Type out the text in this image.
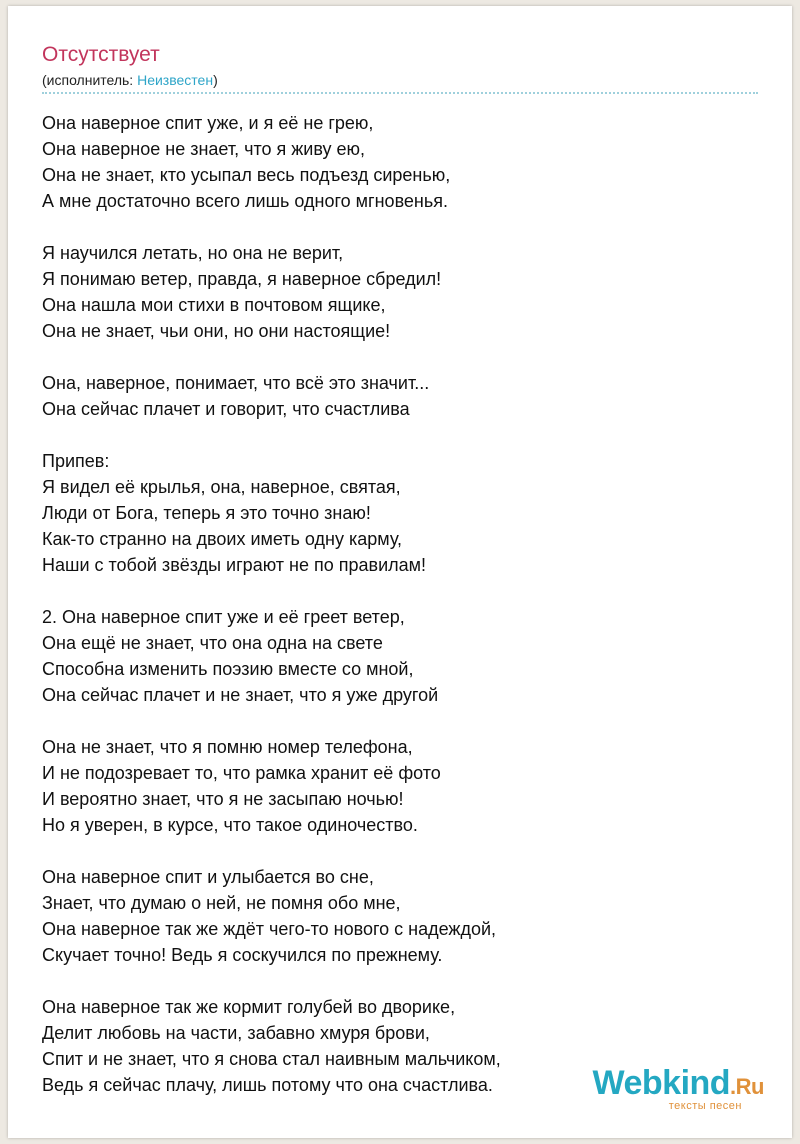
Отсутствует
(исполнитель: Неизвестен)
Она наверное спит уже, и я её не грею,
Она наверное не знает, что я живу ею,
Она не знает, кто усыпал весь подъезд сиренью,
А мне достаточно всего лишь одного мгновенья.
Я научился летать, но она не верит,
Я понимаю ветер, правда, я наверное сбредил!
Она нашла мои стихи в почтовом ящике,
Она не знает, чьи они, но они настоящие!
Она, наверное, понимает, что всё это значит...
Она сейчас плачет и говорит, что счастлива
Припев:
Я видел её крылья, она, наверное, святая,
Люди от Бога, теперь я это точно знаю!
Как-то странно на двоих иметь одну карму,
Наши с тобой звёзды играют не по правилам!
2. Она наверное спит уже и её греет ветер,
Она ещё не знает, что она одна на свете
Способна изменить поэзию вместе со мной,
Она сейчас плачет и не знает, что я уже другой
Она не знает, что я помню номер телефона,
И не подозревает то, что рамка хранит её фото
И вероятно знает, что я не засыпаю ночью!
Но я уверен, в курсе, что такое одиночество.
Она наверное спит и улыбается во сне,
Знает, что думаю о ней, не помня обо мне,
Она наверное так же ждёт чего-то нового с надеждой,
Скучает точно! Ведь я соскучился по прежнему.
Она наверное так же кормит голубей во дворике,
Делит любовь на части, забавно хмуря брови,
Спит и не знает, что я снова стал наивным мальчиком,
Ведь я сейчас плачу, лишь потому что она счастлива.	Webkind.Ru
тексты песен
